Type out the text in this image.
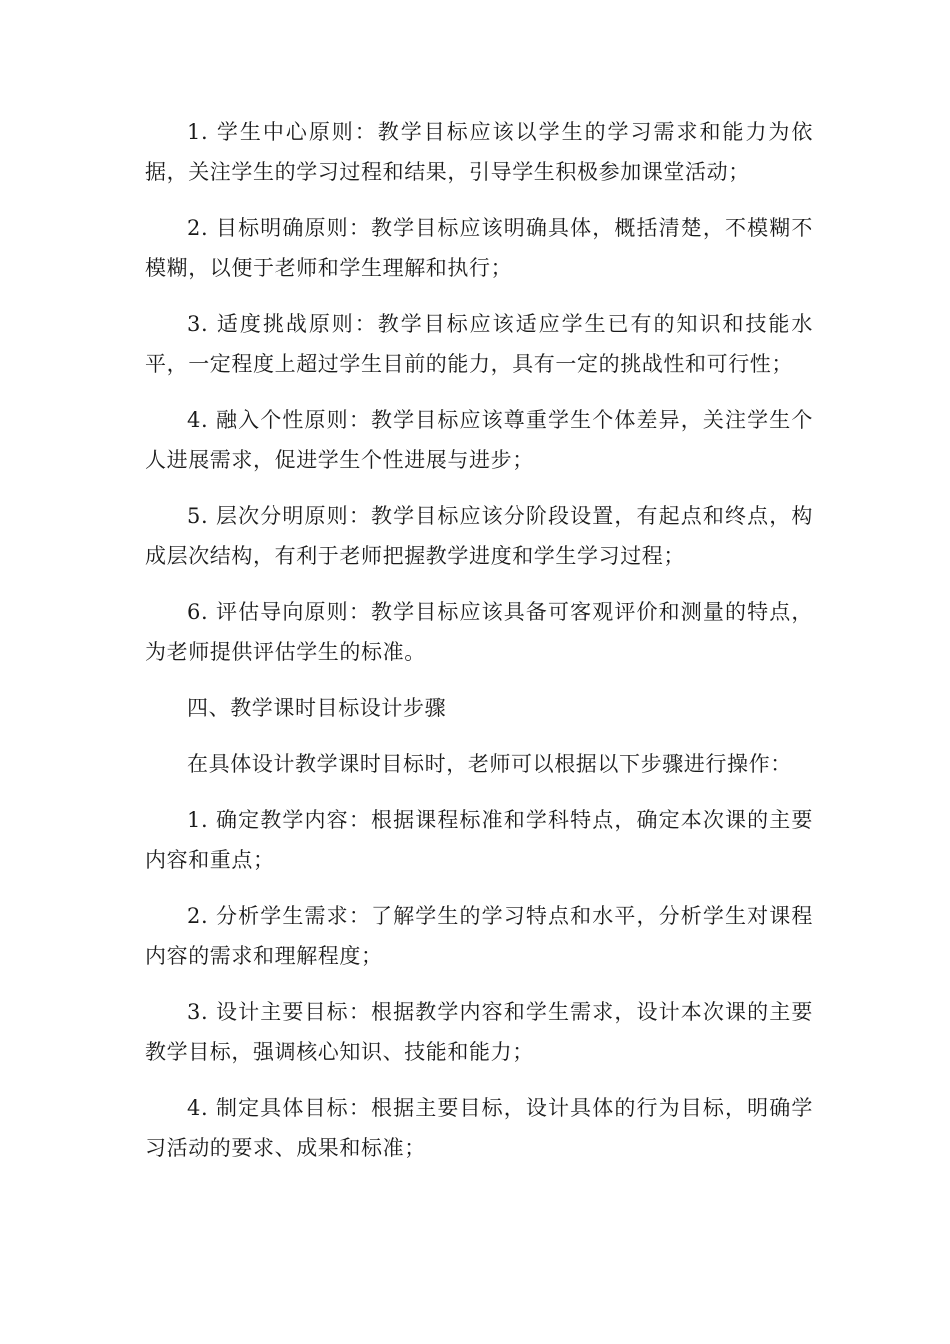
1. 学生中心原则：教学目标应该以学生的学习需求和能力为依据，关注学生的学习过程和结果，引导学生积极参加课堂活动；

2. 目标明确原则：教学目标应该明确具体，概括清楚，不模糊不模糊，以便于老师和学生理解和执行；

3. 适度挑战原则：教学目标应该适应学生已有的知识和技能水平，一定程度上超过学生目前的能力，具有一定的挑战性和可行性；

4. 融入个性原则：教学目标应该尊重学生个体差异，关注学生个人进展需求，促进学生个性进展与进步；

5. 层次分明原则：教学目标应该分阶段设置，有起点和终点，构成层次结构，有利于老师把握教学进度和学生学习过程；

6. 评估导向原则：教学目标应该具备可客观评价和测量的特点，为老师提供评估学生的标准。

四、教学课时目标设计步骤

在具体设计教学课时目标时，老师可以根据以下步骤进行操作：

1. 确定教学内容：根据课程标准和学科特点，确定本次课的主要内容和重点；

2. 分析学生需求：了解学生的学习特点和水平，分析学生对课程内容的需求和理解程度；

3. 设计主要目标：根据教学内容和学生需求，设计本次课的主要教学目标，强调核心知识、技能和能力；

4. 制定具体目标：根据主要目标，设计具体的行为目标，明确学习活动的要求、成果和标准；
